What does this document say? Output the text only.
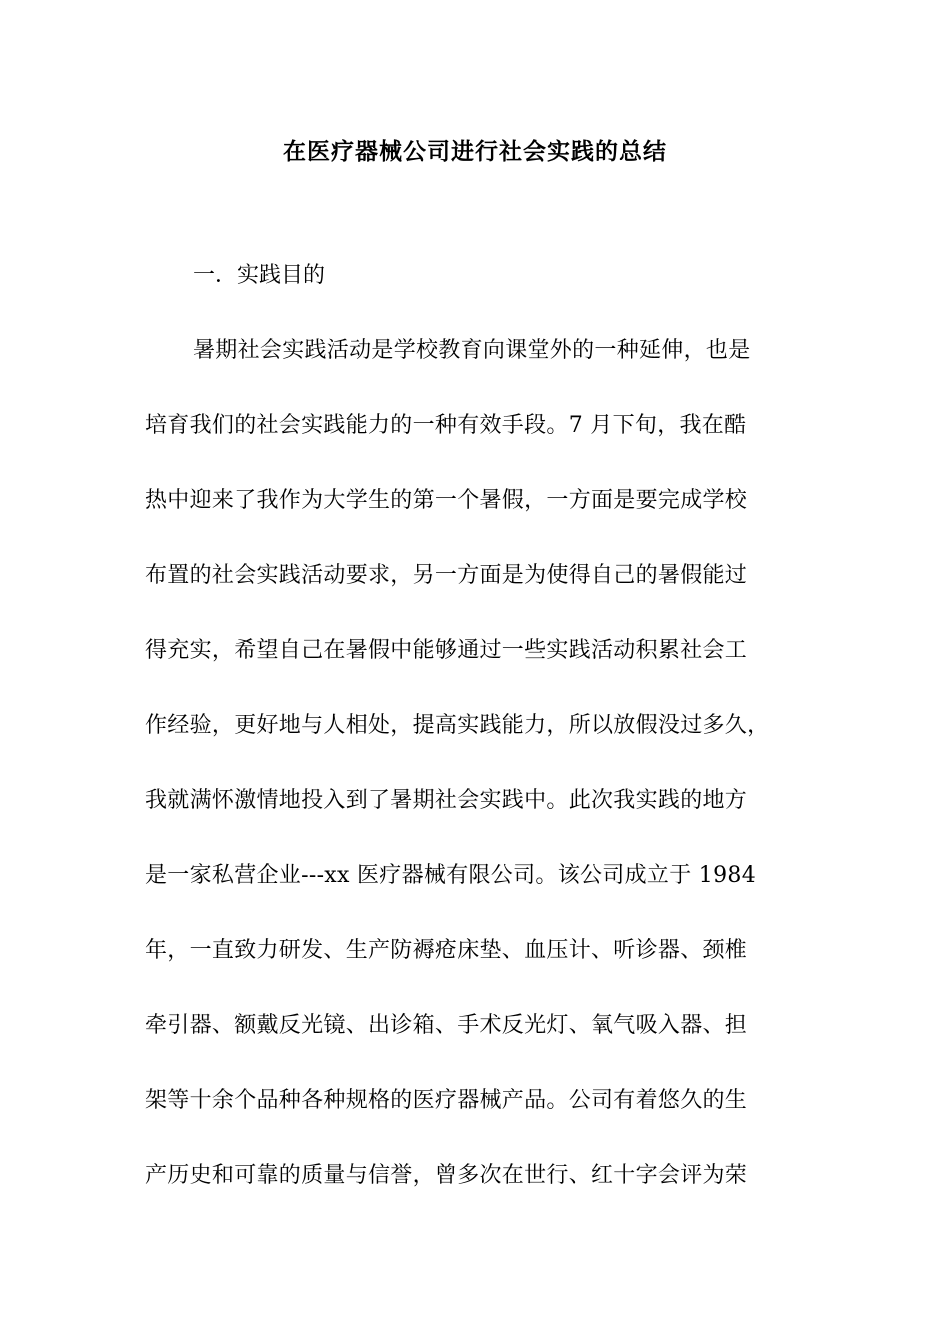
在医疗器械公司进行社会实践的总结
一．实践目的
暑期社会实践活动是学校教育向课堂外的一种延伸，也是
培育我们的社会实践能力的一种有效手段。7 月下旬，我在酷
热中迎来了我作为大学生的第一个暑假，一方面是要完成学校
布置的社会实践活动要求，另一方面是为使得自己的暑假能过
得充实，希望自己在暑假中能够通过一些实践活动积累社会工
作经验，更好地与人相处，提高实践能力，所以放假没过多久，
我就满怀激情地投入到了暑期社会实践中。此次我实践的地方
是一家私营企业---xx 医疗器械有限公司。该公司成立于 1984
年，一直致力研发、生产防褥疮床垫、血压计、听诊器、颈椎
牵引器、额戴反光镜、出诊箱、手术反光灯、氧气吸入器、担
架等十余个品种各种规格的医疗器械产品。公司有着悠久的生
产历史和可靠的质量与信誉，曾多次在世行、红十字会评为荣
